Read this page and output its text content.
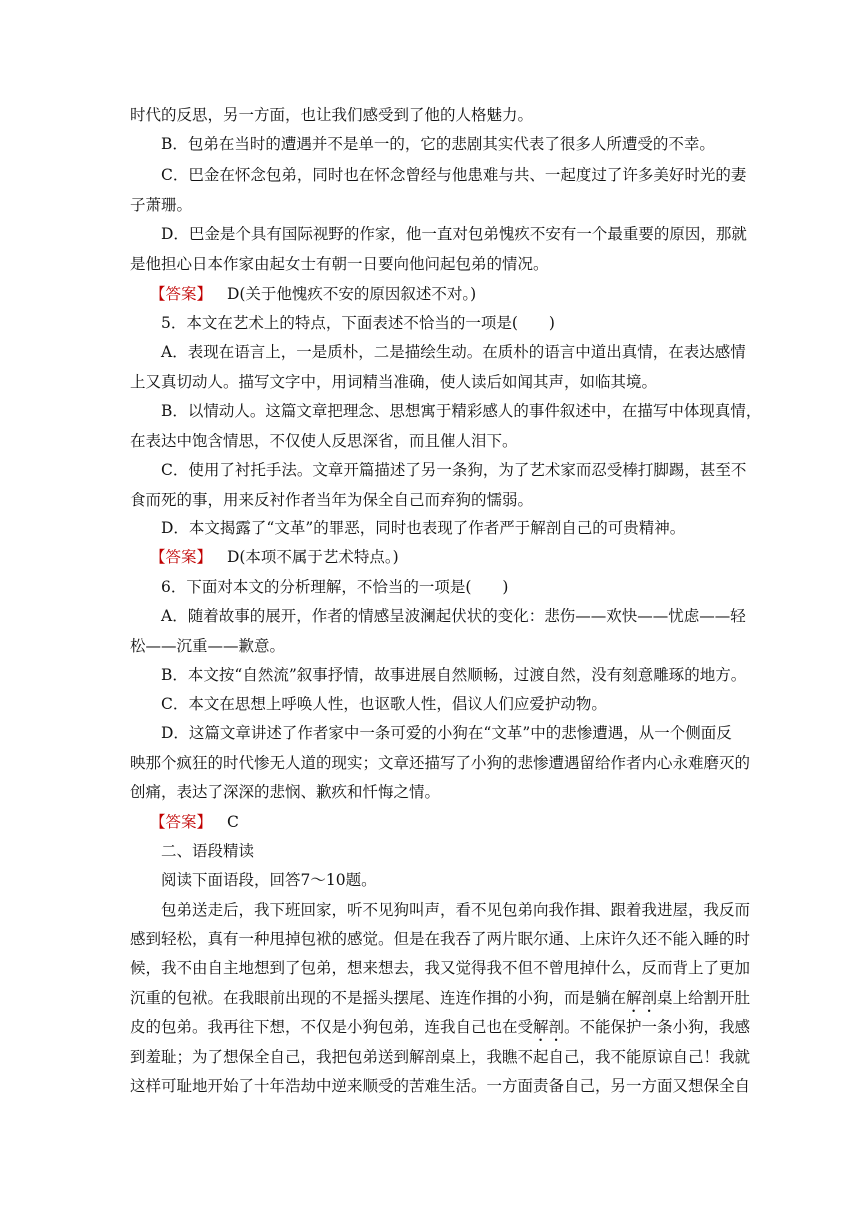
时代的反思，另一方面，也让我们感受到了他的人格魅力。
B．包弟在当时的遭遇并不是单一的，它的悲剧其实代表了很多人所遭受的不幸。
C．巴金在怀念包弟，同时也在怀念曾经与他患难与共、一起度过了许多美好时光的妻
子萧珊。
D．巴金是个具有国际视野的作家，他一直对包弟愧疚不安有一个最重要的原因，那就
是他担心日本作家由起女士有朝一日要向他问起包弟的情况。
【答案】 D(关于他愧疚不安的原因叙述不对。)
5．本文在艺术上的特点，下面表述不恰当的一项是(　　)
A．表现在语言上，一是质朴，二是描绘生动。在质朴的语言中道出真情，在表达感情
上又真切动人。描写文字中，用词精当准确，使人读后如闻其声，如临其境。
B．以情动人。这篇文章把理念、思想寓于精彩感人的事件叙述中，在描写中体现真情，
在表达中饱含情思，不仅使人反思深省，而且催人泪下。
C．使用了衬托手法。文章开篇描述了另一条狗，为了艺术家而忍受棒打脚踢，甚至不
食而死的事，用来反衬作者当年为保全自己而弃狗的懦弱。
D．本文揭露了“文革”的罪恶，同时也表现了作者严于解剖自己的可贵精神。
【答案】 D(本项不属于艺术特点。)
6．下面对本文的分析理解，不恰当的一项是(　　)
A．随着故事的展开，作者的情感呈波澜起伏状的变化：悲伤——欢快——忧虑——轻
松——沉重——歉意。
B．本文按“自然流”叙事抒情，故事进展自然顺畅，过渡自然，没有刻意雕琢的地方。
C．本文在思想上呼唤人性，也讴歌人性，倡议人们应爱护动物。
D．这篇文章讲述了作者家中一条可爱的小狗在“文革”中的悲惨遭遇，从一个侧面反
映那个疯狂的时代惨无人道的现实；文章还描写了小狗的悲惨遭遇留给作者内心永难磨灭的
创痛，表达了深深的悲悯、歉疚和忏悔之情。
【答案】 C
二、语段精读
阅读下面语段，回答7～10题。
包弟送走后，我下班回家，听不见狗叫声，看不见包弟向我作揖、跟着我进屋，我反而
感到轻松，真有一种甩掉包袱的感觉。但是在我吞了两片眠尔通、上床许久还不能入睡的时
候，我不由自主地想到了包弟，想来想去，我又觉得我不但不曾甩掉什么，反而背上了更加
沉重的包袱。在我眼前出现的不是摇头摆尾、连连作揖的小狗，而是躺在解剖桌上给割开肚
皮的包弟。我再往下想，不仅是小狗包弟，连我自己也在受解剖。不能保护一条小狗，我感
到羞耻；为了想保全自己，我把包弟送到解剖桌上，我瞧不起自己，我不能原谅自己！我就
这样可耻地开始了十年浩劫中逆来顺受的苦难生活。一方面责备自己，另一方面又想保全自
